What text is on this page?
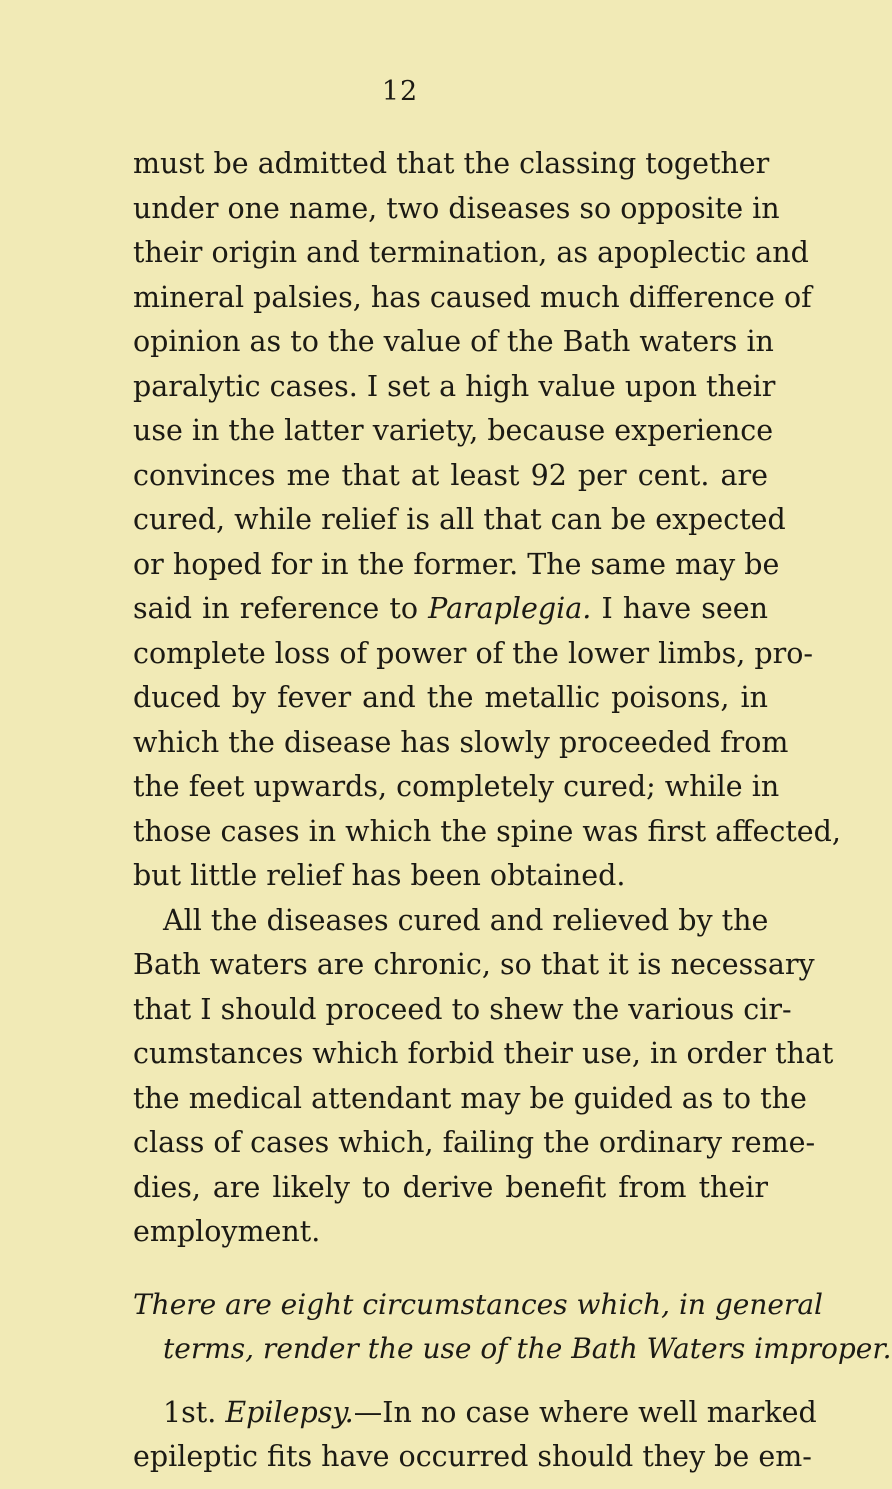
12
must be admitted that the classing together
under one name, two diseases so opposite in
their origin and termination, as apoplectic and
mineral palsies, has caused much difference of
opinion as to the value of the Bath waters in
paralytic cases. I set a high value upon their
use in the latter variety, because experience
convinces me that at least 92 per cent. are
cured, while relief is all that can be expected
or hoped for in the former. The same may be
said in reference to Paraplegia. I have seen
complete loss of power of the lower limbs, pro-
duced by fever and the metallic poisons, in
which the disease has slowly proceeded from
the feet upwards, completely cured; while in
those cases in which the spine was first affected,
but little relief has been obtained.
All the diseases cured and relieved by the
Bath waters are chronic, so that it is necessary
that I should proceed to shew the various cir-
cumstances which forbid their use, in order that
the medical attendant may be guided as to the
class of cases which, failing the ordinary reme-
dies, are likely to derive benefit from their
employment.
There are eight circumstances which, in general
terms, render the use of the Bath Waters improper.
1st. Epilepsy.—In no case where well marked
epileptic fits have occurred should they be em-
